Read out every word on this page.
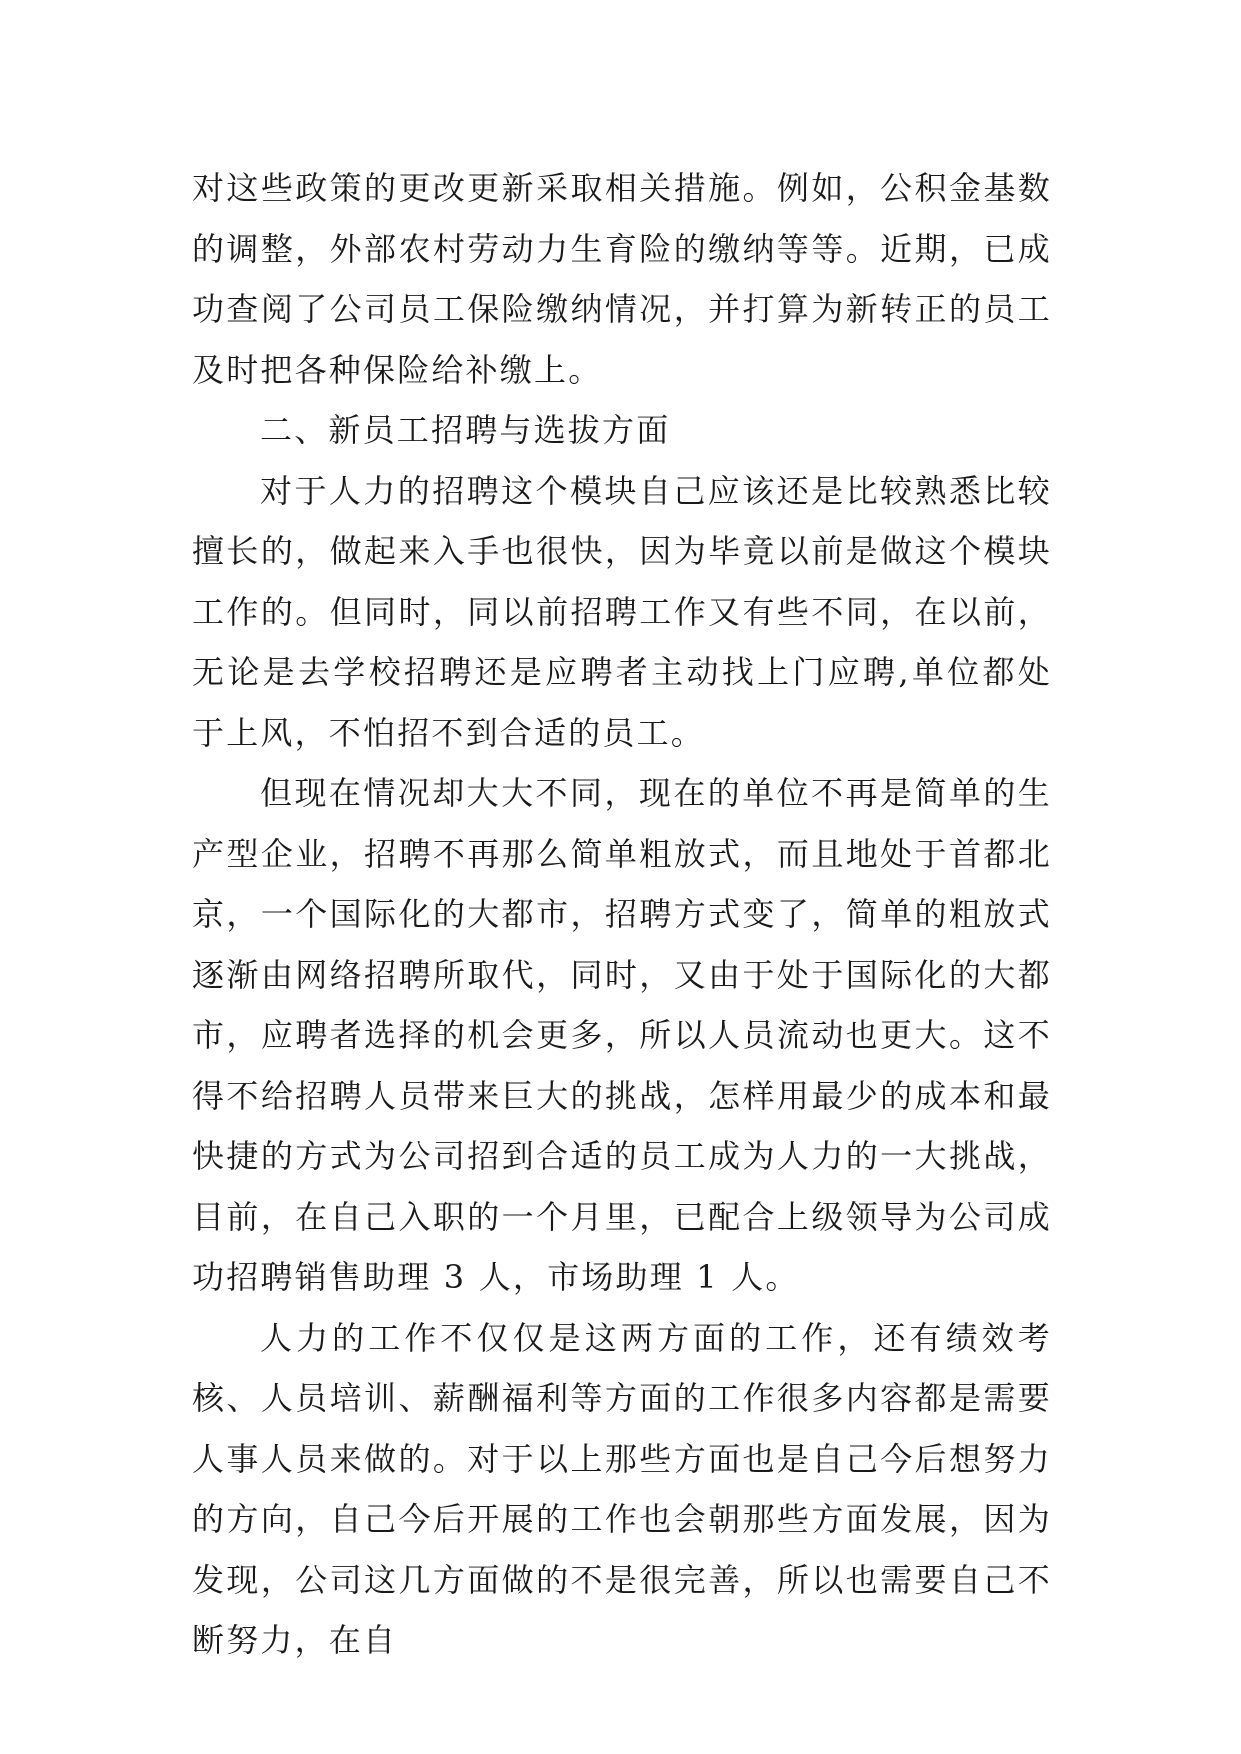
对这些政策的更改更新采取相关措施。例如，公积金基数的调整，外部农村劳动力生育险的缴纳等等。近期，已成功查阅了公司员工保险缴纳情况，并打算为新转正的员工及时把各种保险给补缴上。

二、新员工招聘与选拔方面

对于人力的招聘这个模块自己应该还是比较熟悉比较擅长的，做起来入手也很快，因为毕竟以前是做这个模块工作的。但同时，同以前招聘工作又有些不同，在以前，无论是去学校招聘还是应聘者主动找上门应聘,单位都处于上风，不怕招不到合适的员工。

但现在情况却大大不同，现在的单位不再是简单的生产型企业，招聘不再那么简单粗放式，而且地处于首都北京，一个国际化的大都市，招聘方式变了，简单的粗放式逐渐由网络招聘所取代，同时，又由于处于国际化的大都市，应聘者选择的机会更多，所以人员流动也更大。这不得不给招聘人员带来巨大的挑战，怎样用最少的成本和最快捷的方式为公司招到合适的员工成为人力的一大挑战，目前，在自己入职的一个月里，已配合上级领导为公司成功招聘销售助理 3 人，市场助理 1 人。

人力的工作不仅仅是这两方面的工作，还有绩效考核、人员培训、薪酬福利等方面的工作很多内容都是需要人事人员来做的。对于以上那些方面也是自己今后想努力的方向，自己今后开展的工作也会朝那些方面发展，因为发现，公司这几方面做的不是很完善，所以也需要自己不断努力，在自
